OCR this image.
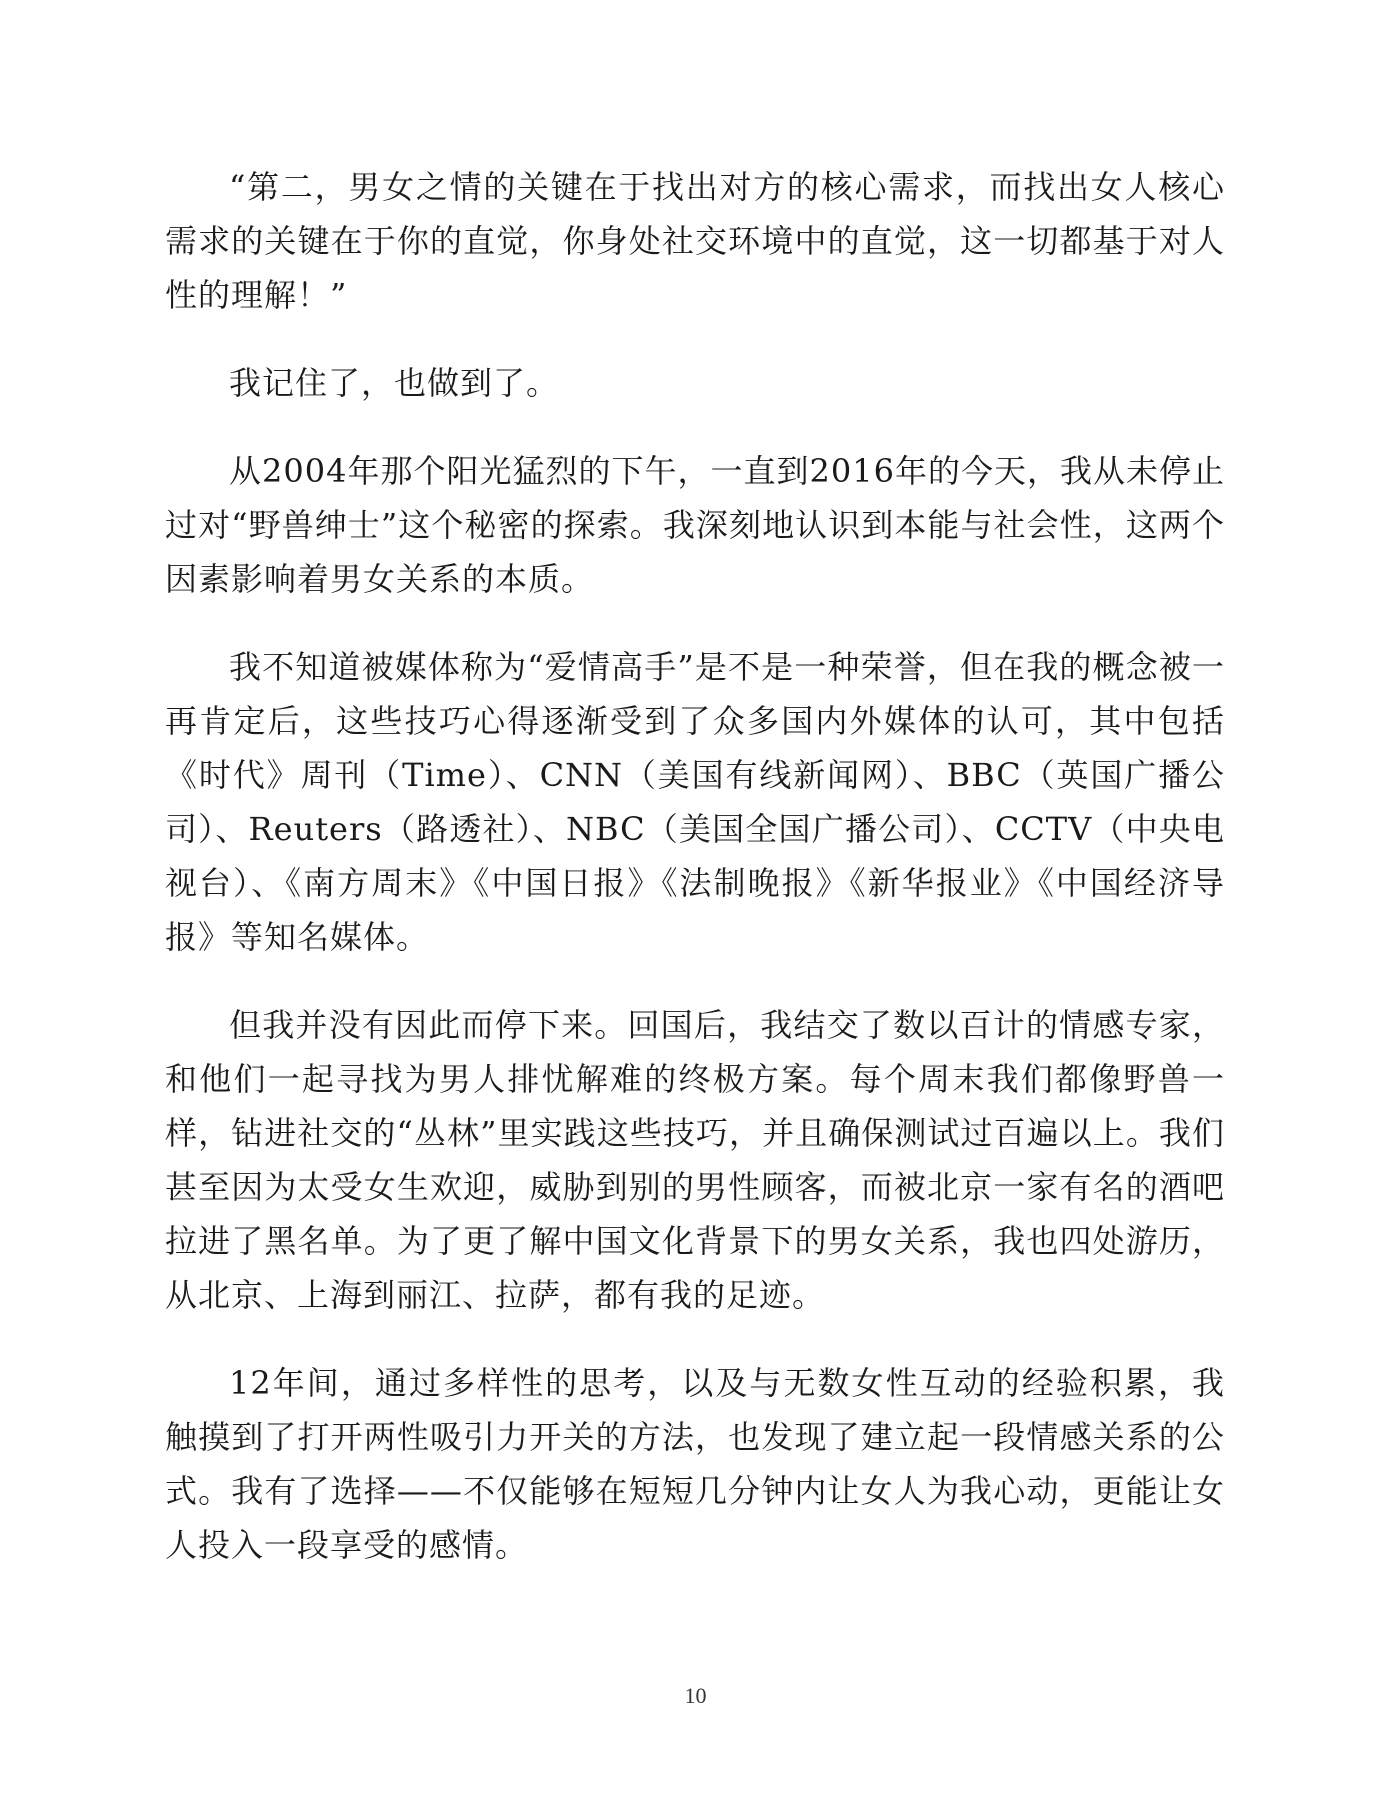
“第二，男女之情的关键在于找出对方的核心需求，而找出女人核心需求的关键在于你的直觉，你身处社交环境中的直觉，这一切都基于对人性的理解！”

我记住了，也做到了。

从2004年那个阳光猛烈的下午，一直到2016年的今天，我从未停止过对“野兽绅士”这个秘密的探索。我深刻地认识到本能与社会性，这两个因素影响着男女关系的本质。

我不知道被媒体称为“爱情高手”是不是一种荣誉，但在我的概念被一再肯定后，这些技巧心得逐渐受到了众多国内外媒体的认可，其中包括《时代》周刊（Time）、CNN（美国有线新闻网）、BBC（英国广播公司）、Reuters（路透社）、NBC（美国全国广播公司）、CCTV（中央电视台）、《南方周末》《中国日报》《法制晚报》《新华报业》《中国经济导报》等知名媒体。

但我并没有因此而停下来。回国后，我结交了数以百计的情感专家，和他们一起寻找为男人排忧解难的终极方案。每个周末我们都像野兽一样，钻进社交的“丛林”里实践这些技巧，并且确保测试过百遍以上。我们甚至因为太受女生欢迎，威胁到别的男性顾客，而被北京一家有名的酒吧拉进了黑名单。为了更了解中国文化背景下的男女关系，我也四处游历，从北京、上海到丽江、拉萨，都有我的足迹。

12年间，通过多样性的思考，以及与无数女性互动的经验积累，我触摸到了打开两性吸引力开关的方法，也发现了建立起一段情感关系的公式。我有了选择——不仅能够在短短几分钟内让女人为我心动，更能让女人投入一段享受的感情。

10
